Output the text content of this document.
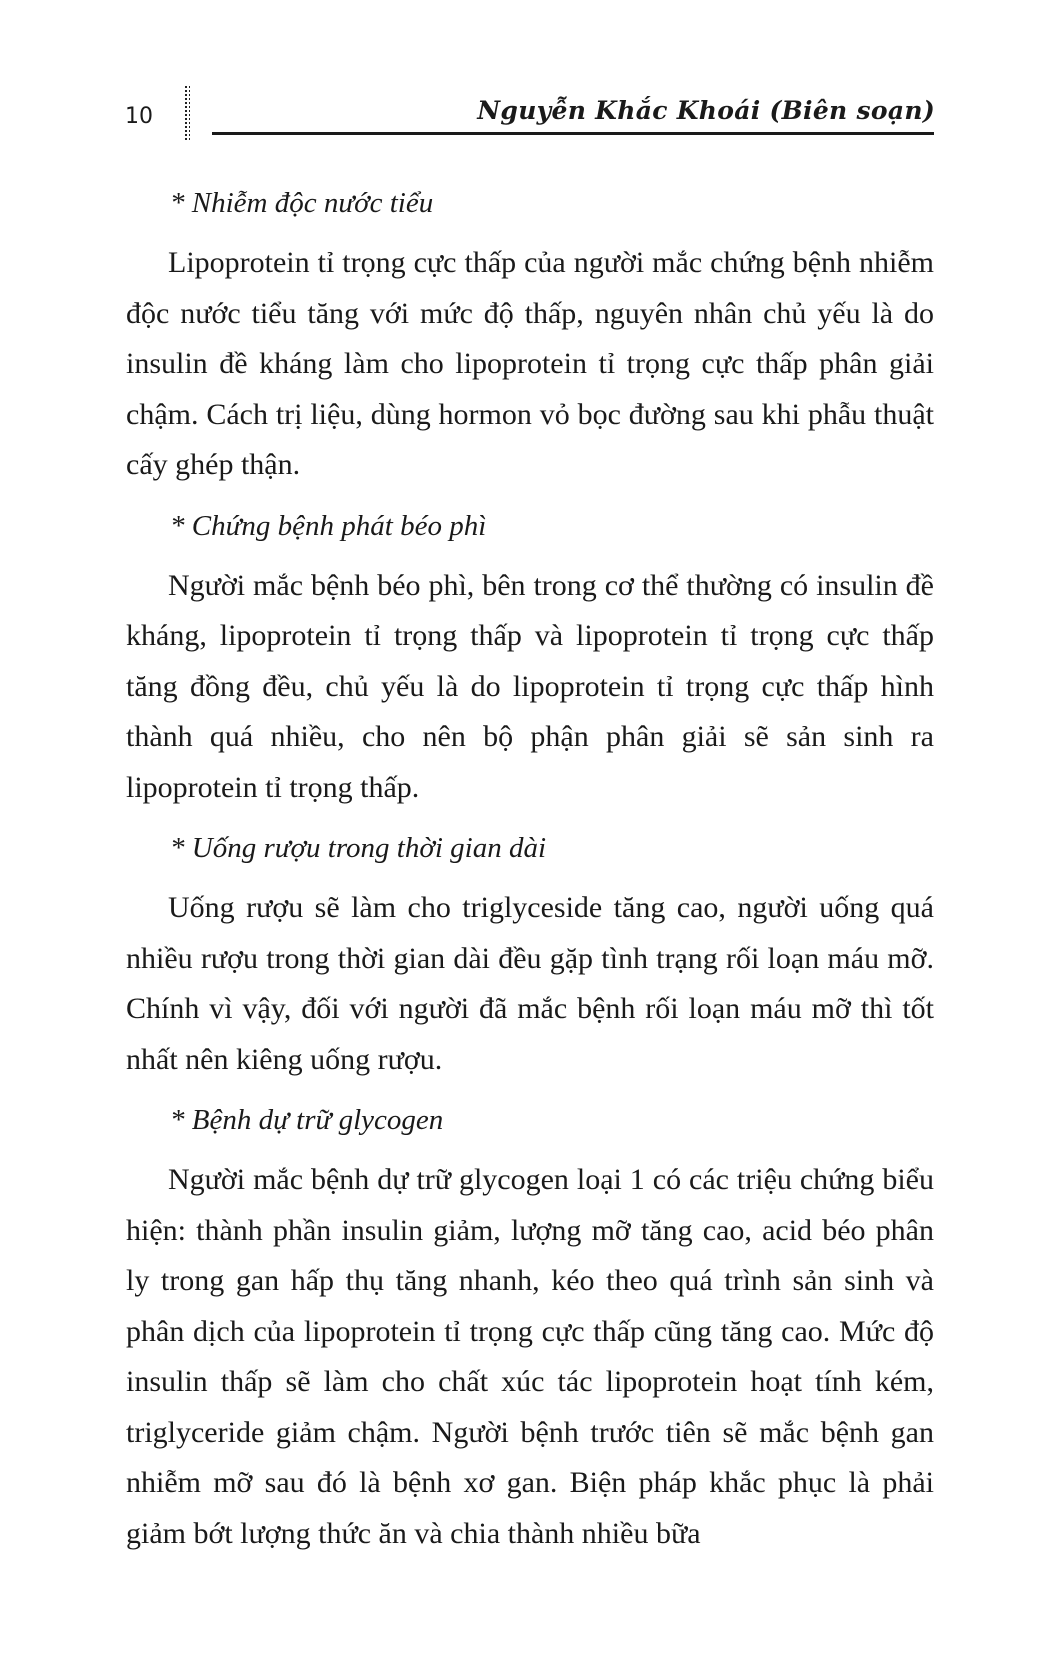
10	Nguyễn Khắc Khoái (Biên soạn)
* Nhiễm độc nước tiểu

Lipoprotein tỉ trọng cực thấp của người mắc chứng bệnh nhiễm độc nước tiểu tăng với mức độ thấp, nguyên nhân chủ yếu là do insulin đề kháng làm cho lipoprotein tỉ trọng cực thấp phân giải chậm. Cách trị liệu, dùng hormon vỏ bọc đường sau khi phẫu thuật cấy ghép thận.

* Chứng bệnh phát béo phì

Người mắc bệnh béo phì, bên trong cơ thể thường có insulin đề kháng, lipoprotein tỉ trọng thấp và lipoprotein tỉ trọng cực thấp tăng đồng đều, chủ yếu là do lipoprotein tỉ trọng cực thấp hình thành quá nhiều, cho nên bộ phận phân giải sẽ sản sinh ra lipoprotein tỉ trọng thấp.

* Uống rượu trong thời gian dài

Uống rượu sẽ làm cho triglyceside tăng cao, người uống quá nhiều rượu trong thời gian dài đều gặp tình trạng rối loạn máu mỡ. Chính vì vậy, đối với người đã mắc bệnh rối loạn máu mỡ thì tốt nhất nên kiêng uống rượu.

* Bệnh dự trữ glycogen

Người mắc bệnh dự trữ glycogen loại 1 có các triệu chứng biểu hiện: thành phần insulin giảm, lượng mỡ tăng cao, acid béo phân ly trong gan hấp thụ tăng nhanh, kéo theo quá trình sản sinh và phân dịch của lipoprotein tỉ trọng cực thấp cũng tăng cao. Mức độ insulin thấp sẽ làm cho chất xúc tác lipoprotein hoạt tính kém, triglyceride giảm chậm. Người bệnh trước tiên sẽ mắc bệnh gan nhiễm mỡ sau đó là bệnh xơ gan. Biện pháp khắc phục là phải giảm bớt lượng thức ăn và chia thành nhiều bữa
